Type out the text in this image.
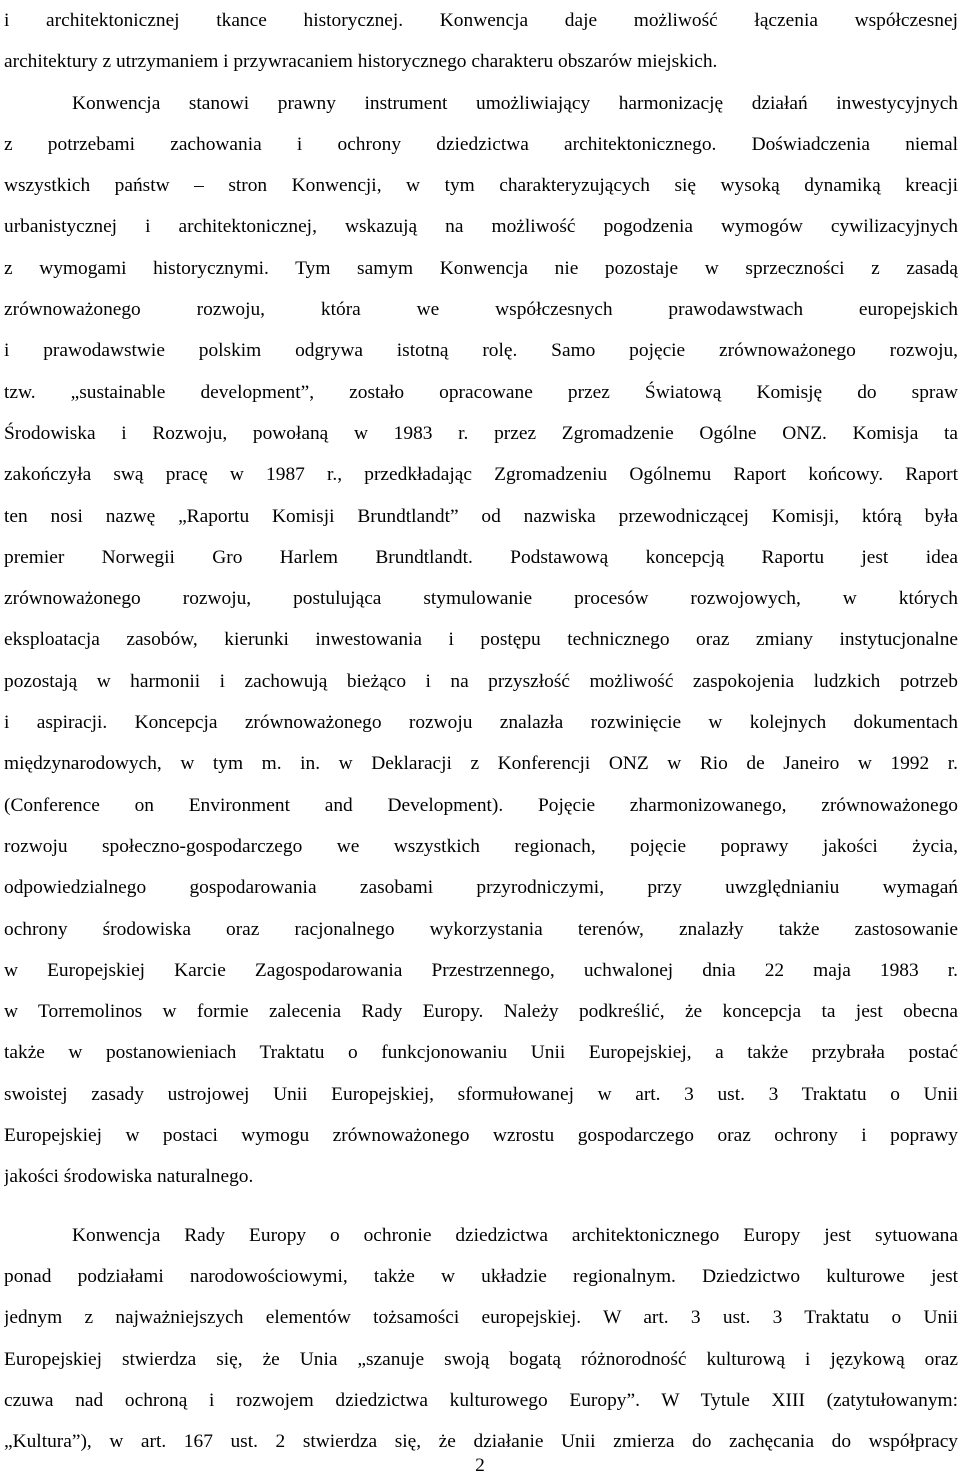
i architektonicznej tkance historycznej. Konwencja daje możliwość łączenia współczesnej
architektury z utrzymaniem i przywracaniem historycznego charakteru obszarów miejskich.
Konwencja stanowi prawny instrument umożliwiający harmonizację działań inwestycyjnych
z potrzebami zachowania i ochrony dziedzictwa architektonicznego. Doświadczenia niemal
wszystkich państw – stron Konwencji, w tym charakteryzujących się wysoką dynamiką kreacji
urbanistycznej i architektonicznej, wskazują na możliwość pogodzenia wymogów cywilizacyjnych
z wymogami historycznymi. Tym samym Konwencja nie pozostaje w sprzeczności z zasadą
zrównoważonego rozwoju, która we współczesnych prawodawstwach europejskich
i prawodawstwie polskim odgrywa istotną rolę. Samo pojęcie zrównoważonego rozwoju,
tzw. „sustainable development”, zostało opracowane przez Światową Komisję do spraw
Środowiska i Rozwoju, powołaną w 1983 r. przez Zgromadzenie Ogólne ONZ. Komisja ta
zakończyła swą pracę w 1987 r., przedkładając Zgromadzeniu Ogólnemu Raport końcowy. Raport
ten nosi nazwę „Raportu Komisji Brundtlandt” od nazwiska przewodniczącej Komisji, którą była
premier Norwegii Gro Harlem Brundtlandt. Podstawową koncepcją Raportu jest idea
zrównoważonego rozwoju, postulująca stymulowanie procesów rozwojowych, w których
eksploatacja zasobów, kierunki inwestowania i postępu technicznego oraz zmiany instytucjonalne
pozostają w harmonii i zachowują bieżąco i na przyszłość możliwość zaspokojenia ludzkich potrzeb
i aspiracji. Koncepcja zrównoważonego rozwoju znalazła rozwinięcie w kolejnych dokumentach
międzynarodowych, w tym m. in. w Deklaracji z Konferencji ONZ w Rio de Janeiro w 1992 r.
(Conference on Environment and Development). Pojęcie zharmonizowanego, zrównoważonego
rozwoju społeczno-gospodarczego we wszystkich regionach, pojęcie poprawy jakości życia,
odpowiedzialnego gospodarowania zasobami przyrodniczymi, przy uwzględnianiu wymagań
ochrony środowiska oraz racjonalnego wykorzystania terenów, znalazły także zastosowanie
w Europejskiej Karcie Zagospodarowania Przestrzennego, uchwalonej dnia 22 maja 1983 r.
w Torremolinos w formie zalecenia Rady Europy. Należy podkreślić, że koncepcja ta jest obecna
także w postanowieniach Traktatu o funkcjonowaniu Unii Europejskiej, a także przybrała postać
swoistej zasady ustrojowej Unii Europejskiej, sformułowanej w art. 3 ust. 3 Traktatu o Unii
Europejskiej w postaci wymogu zrównoważonego wzrostu gospodarczego oraz ochrony i poprawy
jakości środowiska naturalnego.
Konwencja Rady Europy o ochronie dziedzictwa architektonicznego Europy jest sytuowana
ponad podziałami narodowościowymi, także w układzie regionalnym. Dziedzictwo kulturowe jest
jednym z najważniejszych elementów tożsamości europejskiej. W art. 3 ust. 3 Traktatu o Unii
Europejskiej stwierdza się, że Unia „szanuje swoją bogatą różnorodność kulturową i językową oraz
czuwa nad ochroną i rozwojem dziedzictwa kulturowego Europy”. W Tytule XIII (zatytułowanym:
„Kultura”), w art. 167 ust. 2 stwierdza się, że działanie Unii zmierza do zachęcania do współpracy
2
